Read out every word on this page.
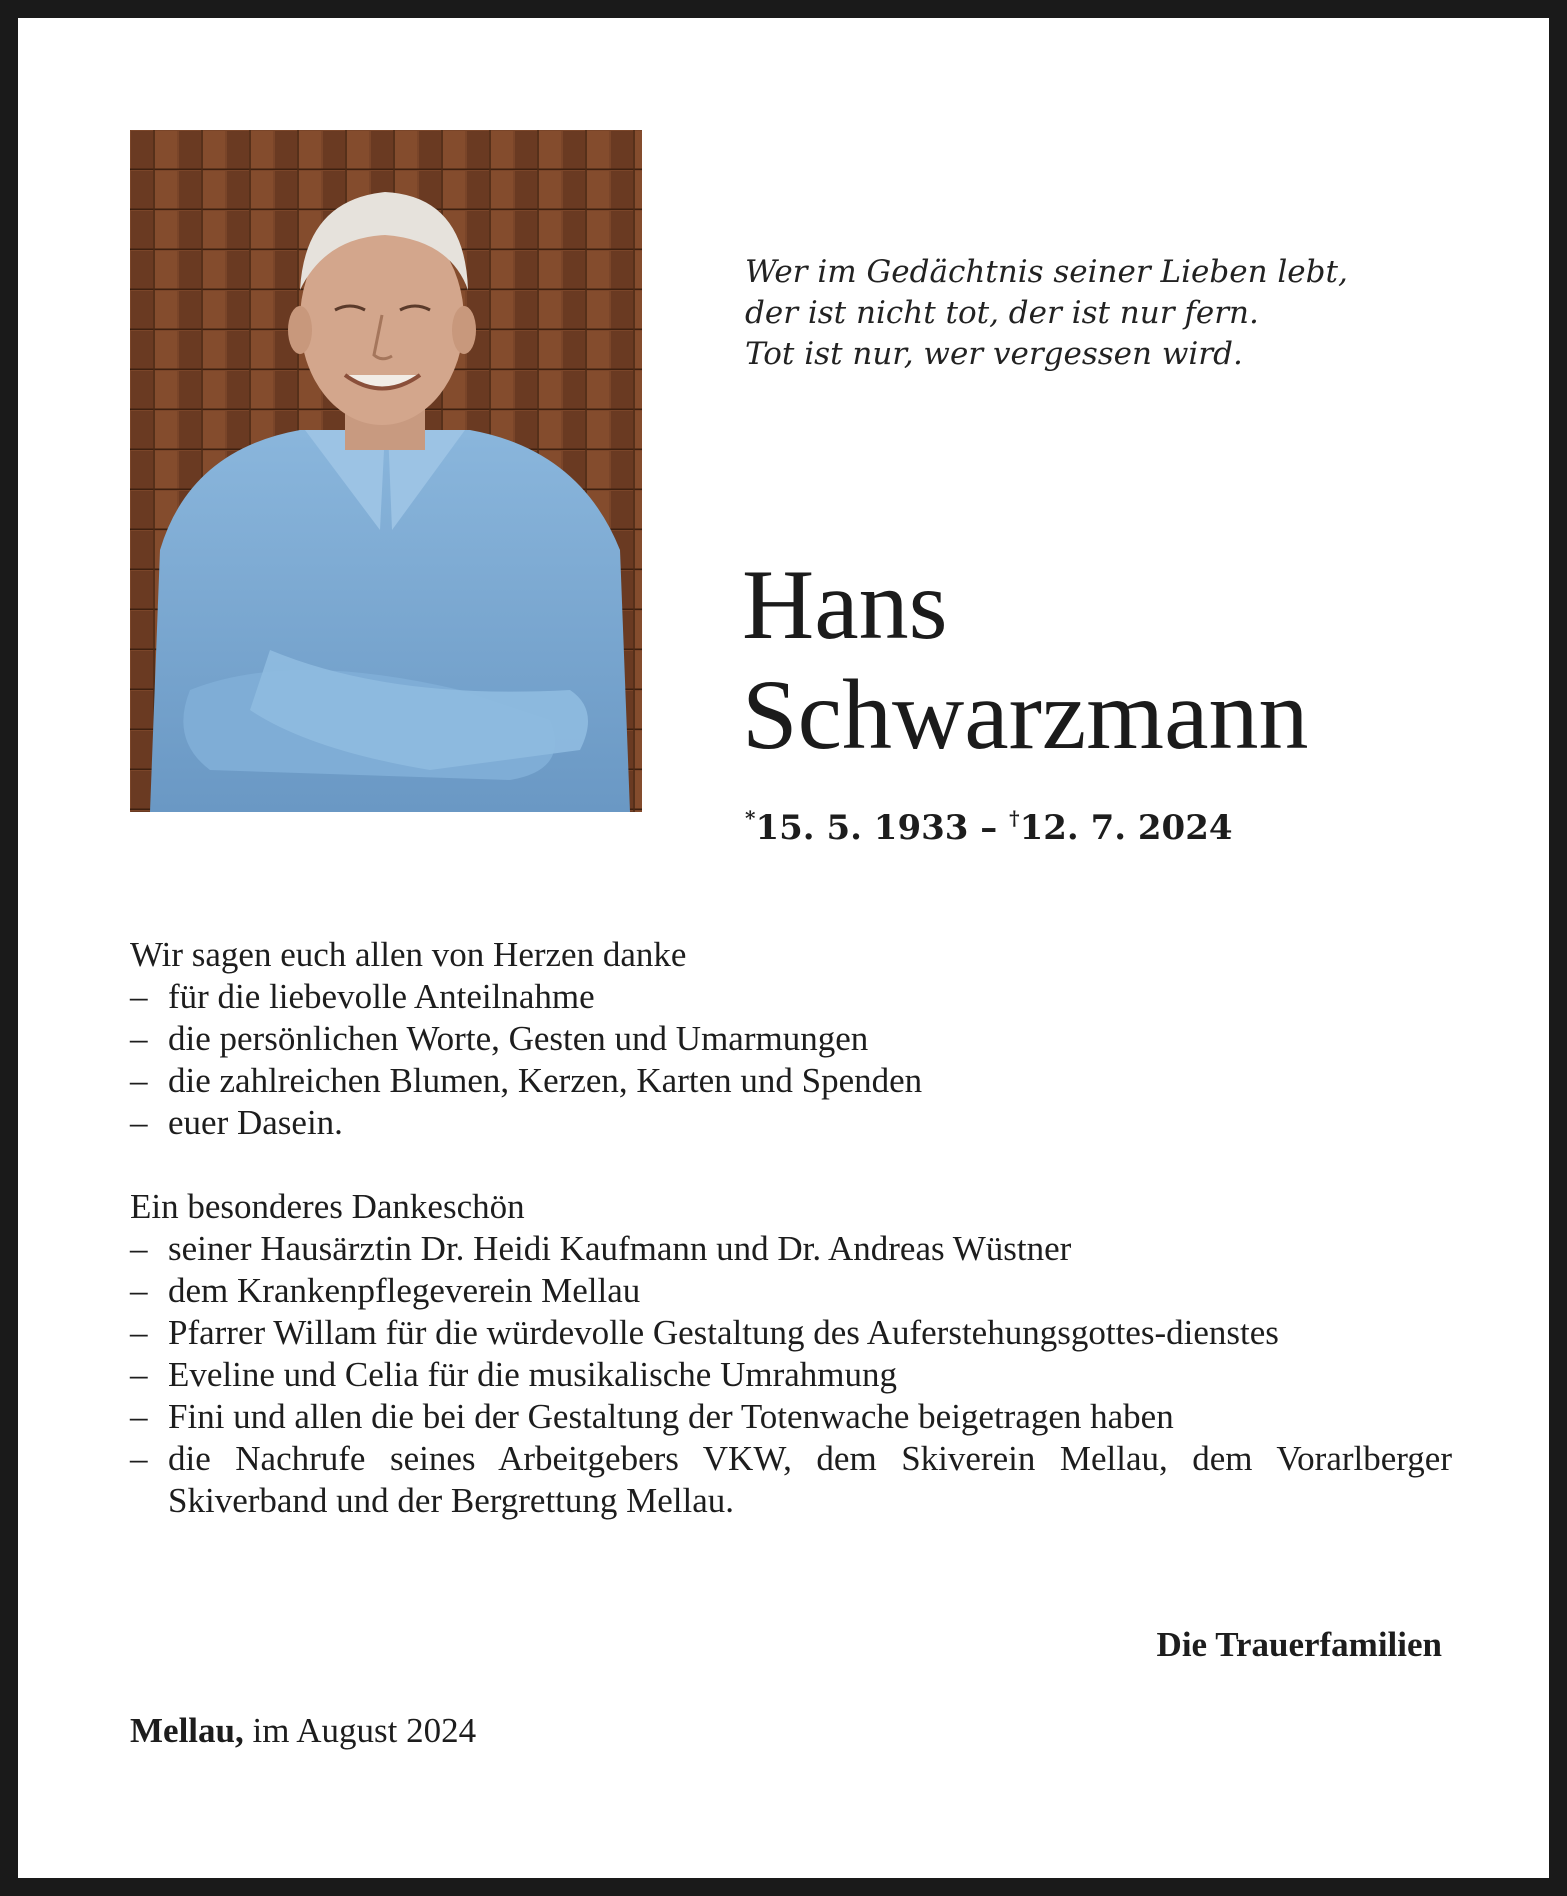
Wer im Gedächtnis seiner Lieben lebt,
der ist nicht tot, der ist nur fern.
Tot ist nur, wer vergessen wird.
Hans
Schwarzmann
*15. 5. 1933 – †12. 7. 2024
Wir sagen euch allen von Herzen danke
– für die liebevolle Anteilnahme
– die persönlichen Worte, Gesten und Umarmungen
– die zahlreichen Blumen, Kerzen, Karten und Spenden
– euer Dasein.
Ein besonderes Dankeschön
– seiner Hausärztin Dr. Heidi Kaufmann und Dr. Andreas Wüstner
– dem Krankenpflegeverein Mellau
– Pfarrer Willam für die würdevolle Gestaltung des Auferstehungsgottes-dienstes
– Eveline und Celia für die musikalische Umrahmung
– Fini und allen die bei der Gestaltung der Totenwache beigetragen haben
– die Nachrufe seines Arbeitgebers VKW, dem Skiverein Mellau, dem Vorarlberger Skiverband und der Bergrettung Mellau.
Die Trauerfamilien
Mellau, im August 2024
